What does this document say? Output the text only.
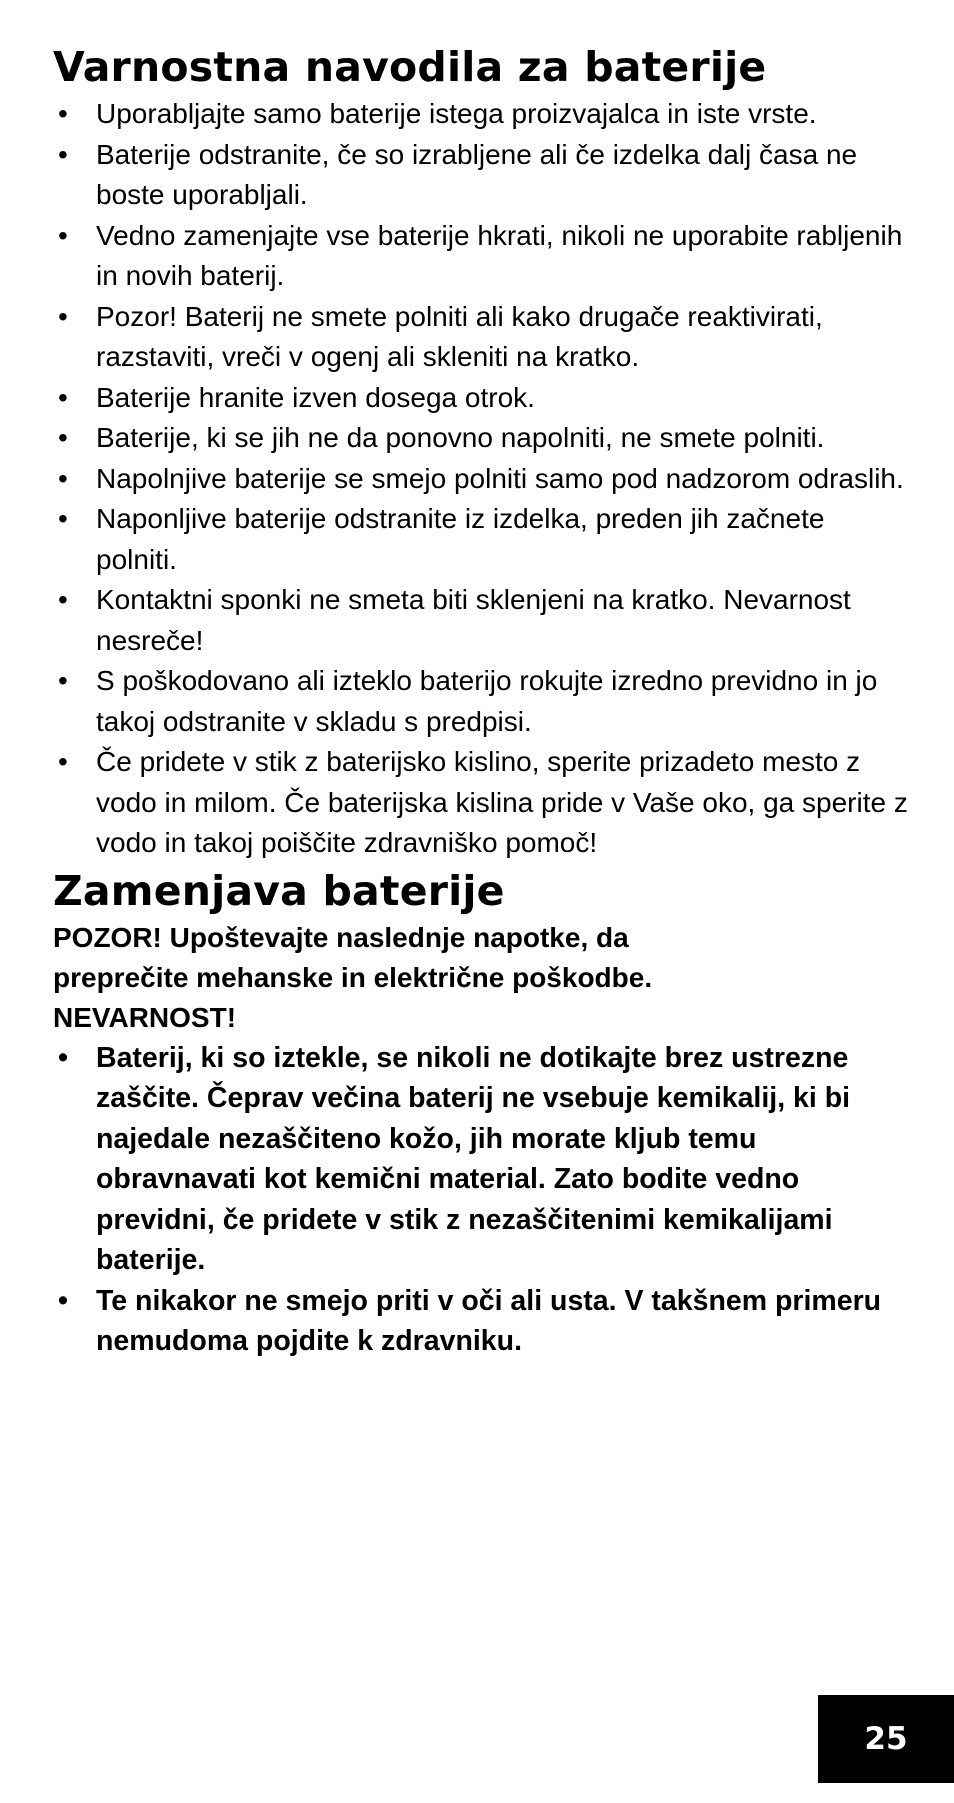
Varnostna navodila za baterije
• Uporabljajte samo baterije istega proizvajalca in iste vrste.
• Baterije odstranite, če so izrabljene ali če izdelka dalj časa ne boste uporabljali.
• Vedno zamenjajte vse baterije hkrati, nikoli ne uporabite rabljenih in novih baterij.
• Pozor! Baterij ne smete polniti ali kako drugače reaktivirati, razstaviti, vreči v ogenj ali skleniti na kratko.
• Baterije hranite izven dosega otrok.
• Baterije, ki se jih ne da ponovno napolniti, ne smete polniti.
• Napolnjive baterije se smejo polniti samo pod nadzorom odraslih.
• Naponljive baterije odstranite iz izdelka, preden jih začnete polniti.
• Kontaktni sponki ne smeta biti sklenjeni na kratko. Nevarnost nesreče!
• S poškodovano ali izteklo baterijo rokujte izredno previdno in jo takoj odstranite v skladu s predpisi.
• Če pridete v stik z baterijsko kislino, sperite prizadeto mesto z vodo in milom. Če baterijska kislina pride v Vaše oko, ga sperite z vodo in takoj poiščite zdravniško pomoč!
Zamenjava baterije
POZOR! Upoštevajte naslednje napotke, da
preprečite mehanske in električne poškodbe.
NEVARNOST!
• Baterij, ki so iztekle, se nikoli ne dotikajte brez ustrezne zaščite. Čeprav večina baterij ne vsebuje kemikalij, ki bi najedale nezaščiteno kožo, jih morate kljub temu obravnavati kot kemični material. Zato bodite vedno previdni, če pridete v stik z nezaščitenimi kemikalijami baterije.
• Te nikakor ne smejo priti v oči ali usta. V takšnem primeru nemudoma pojdite k zdravniku.
25
